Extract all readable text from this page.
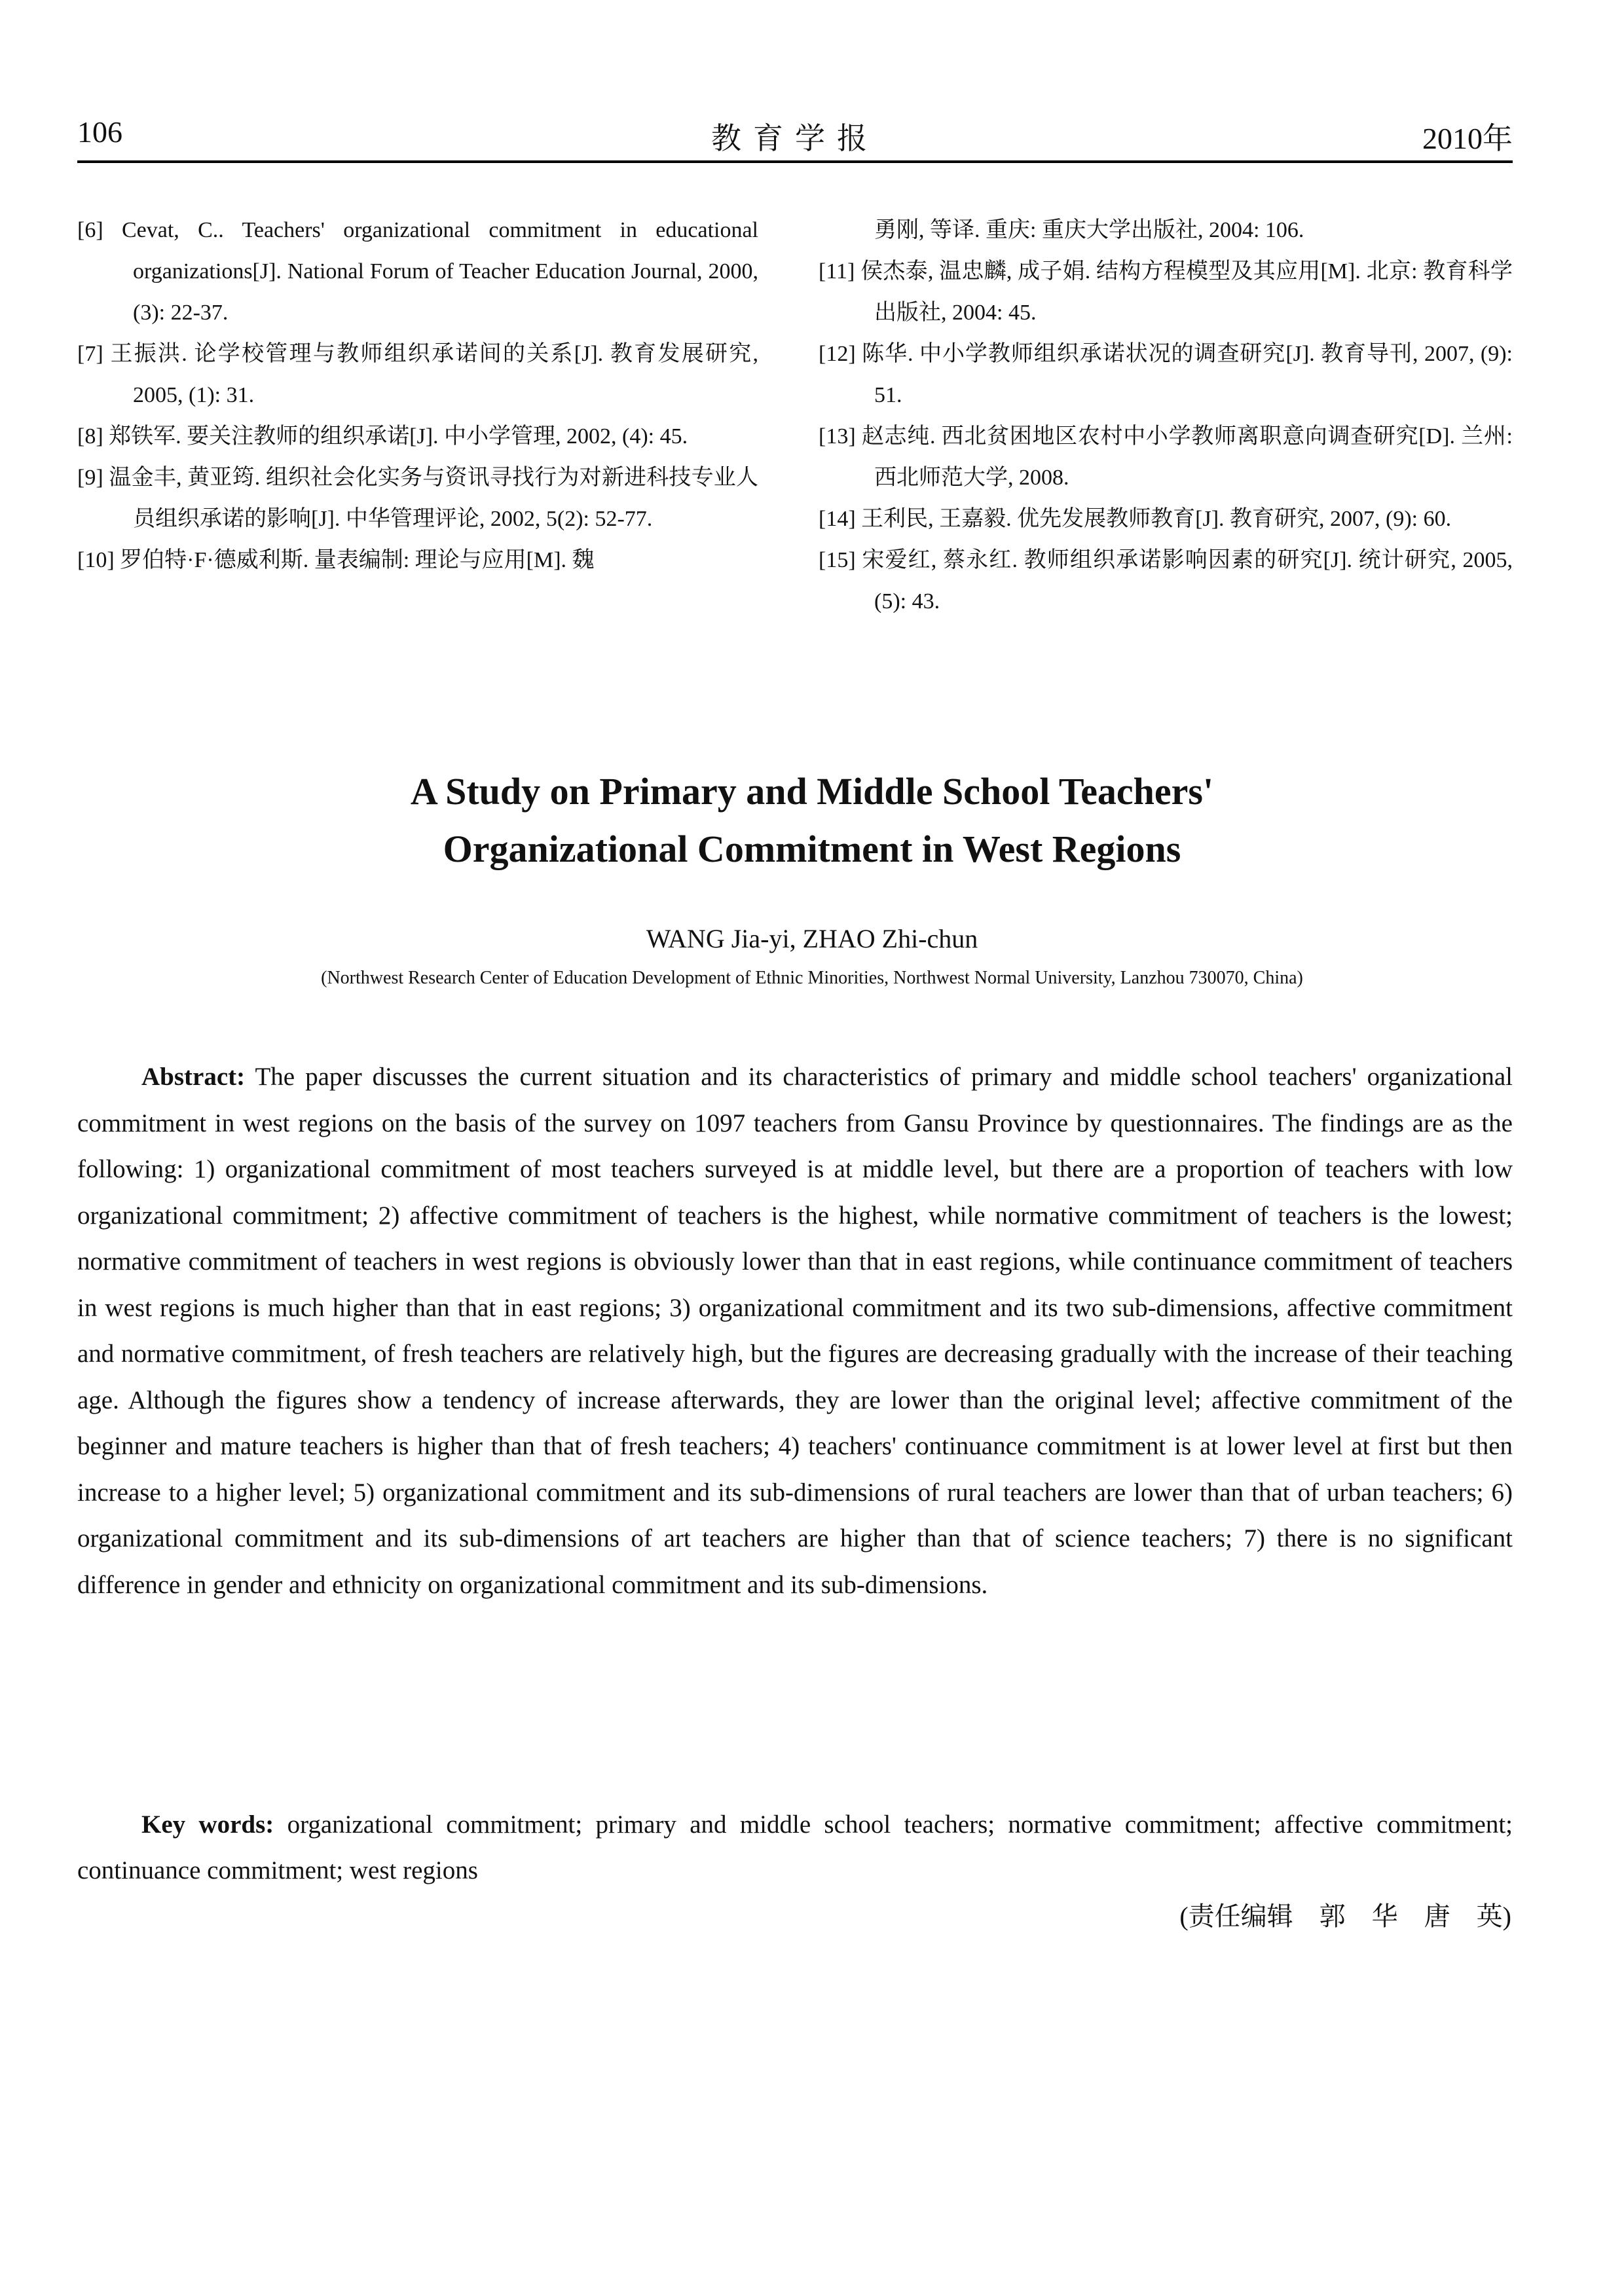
106	教育学报	2010年

[6] Cevat, C.. Teachers' organizational commitment in educational organizations[J]. National Forum of Teacher Education Journal, 2000, (3): 22-37.

[7] 王振洪. 论学校管理与教师组织承诺间的关系[J]. 教育发展研究, 2005, (1): 31.

[8] 郑铁军. 要关注教师的组织承诺[J]. 中小学管理, 2002, (4): 45.

[9] 温金丰, 黄亚筠. 组织社会化实务与资讯寻找行为对新进科技专业人员组织承诺的影响[J]. 中华管理评论, 2002, 5(2): 52-77.

[10] 罗伯特·F·德威利斯. 量表编制: 理论与应用[M]. 魏

勇刚, 等译. 重庆: 重庆大学出版社, 2004: 106.

[11] 侯杰泰, 温忠麟, 成子娟. 结构方程模型及其应用[M]. 北京: 教育科学出版社, 2004: 45.

[12] 陈华. 中小学教师组织承诺状况的调查研究[J]. 教育导刊, 2007, (9): 51.

[13] 赵志纯. 西北贫困地区农村中小学教师离职意向调查研究[D]. 兰州: 西北师范大学, 2008.

[14] 王利民, 王嘉毅. 优先发展教师教育[J]. 教育研究, 2007, (9): 60.

[15] 宋爱红, 蔡永红. 教师组织承诺影响因素的研究[J]. 统计研究, 2005, (5): 43.

A Study on Primary and Middle School Teachers'
Organizational Commitment in West Regions
WANG Jia-yi, ZHAO Zhi-chun
(Northwest Research Center of Education Development of Ethnic Minorities, Northwest Normal University, Lanzhou 730070, China)

Abstract: The paper discusses the current situation and its characteristics of primary and middle school teachers' organizational commitment in west regions on the basis of the survey on 1097 teachers from Gansu Province by questionnaires. The findings are as the following: 1) organizational commitment of most teachers surveyed is at middle level, but there are a proportion of teachers with low organizational commitment; 2) affective commitment of teachers is the highest, while normative commitment of teachers is the lowest; normative commitment of teachers in west regions is obviously lower than that in east regions, while continuance commitment of teachers in west regions is much higher than that in east regions; 3) organizational commitment and its two sub-dimensions, affective commitment and normative commitment, of fresh teachers are relatively high, but the figures are decreasing gradually with the increase of their teaching age. Although the figures show a tendency of increase afterwards, they are lower than the original level; affective commitment of the beginner and mature teachers is higher than that of fresh teachers; 4) teachers' continuance commitment is at lower level at first but then increase to a higher level; 5) organizational commitment and its sub-dimensions of rural teachers are lower than that of urban teachers; 6) organizational commitment and its sub-dimensions of art teachers are higher than that of science teachers; 7) there is no significant difference in gender and ethnicity on organizational commitment and its sub-dimensions.

Key words: organizational commitment; primary and middle school teachers; normative commitment; affective commitment; continuance commitment; west regions

(责任编辑　郭　华　唐　英)
